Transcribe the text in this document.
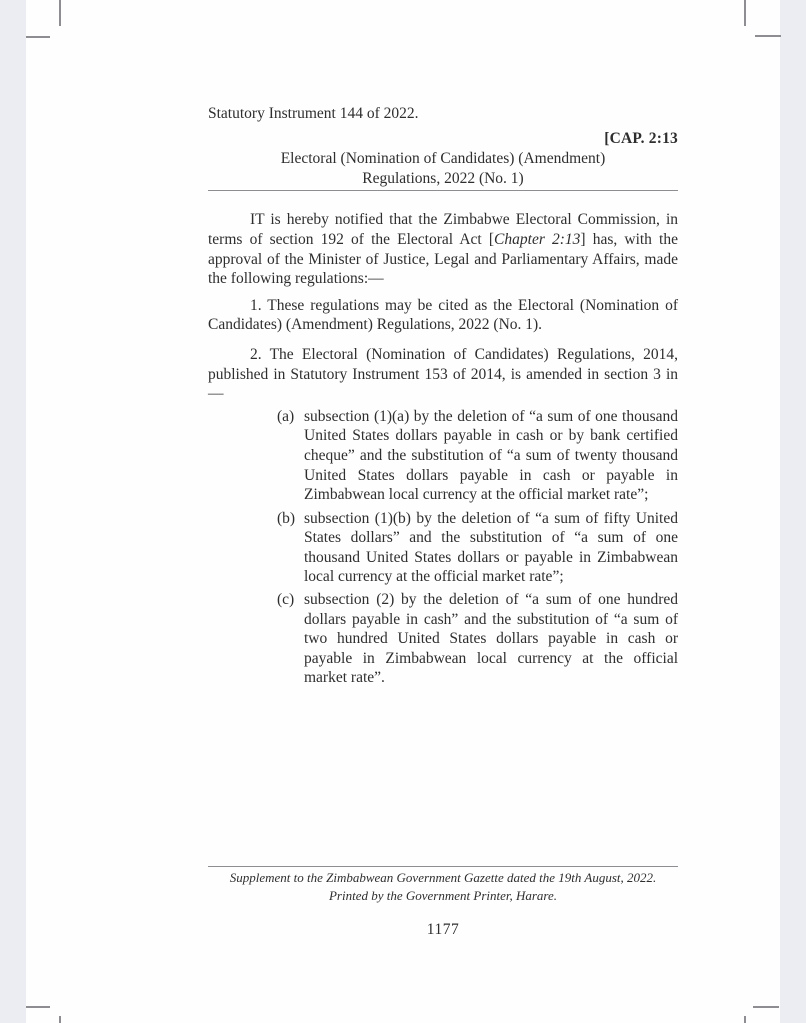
Statutory Instrument 144 of 2022.

[CAP. 2:13

Electoral (Nomination of Candidates) (Amendment)

Regulations, 2022 (No. 1)

IT is hereby notified that the Zimbabwe Electoral Commission, in terms of section 192 of the Electoral Act [Chapter 2:13] has, with the approval of the Minister of Justice, Legal and Parliamentary Affairs, made the following regulations:—

1. These regulations may be cited as the Electoral (Nomination of Candidates) (Amendment) Regulations, 2022 (No. 1).

2. The Electoral (Nomination of Candidates) Regulations, 2014, published in Statutory Instrument 153 of 2014, is amended in section 3 in—

(a) subsection (1)(a) by the deletion of “a sum of one thousand United States dollars payable in cash or by bank certified cheque” and the substitution of “a sum of twenty thousand United States dollars payable in cash or payable in Zimbabwean local currency at the official market rate”;
(b) subsection (1)(b) by the deletion of “a sum of fifty United States dollars” and the substitution of “a sum of one thousand United States dollars or payable in Zimbabwean local currency at the official market rate”;
(c) subsection (2) by the deletion of “a sum of one hundred dollars payable in cash” and the substitution of “a sum of two hundred United States dollars payable in cash or payable in Zimbabwean local currency at the official market rate”.

Supplement to the Zimbabwean Government Gazette dated the 19th August, 2022.

Printed by the Government Printer, Harare.

1177
